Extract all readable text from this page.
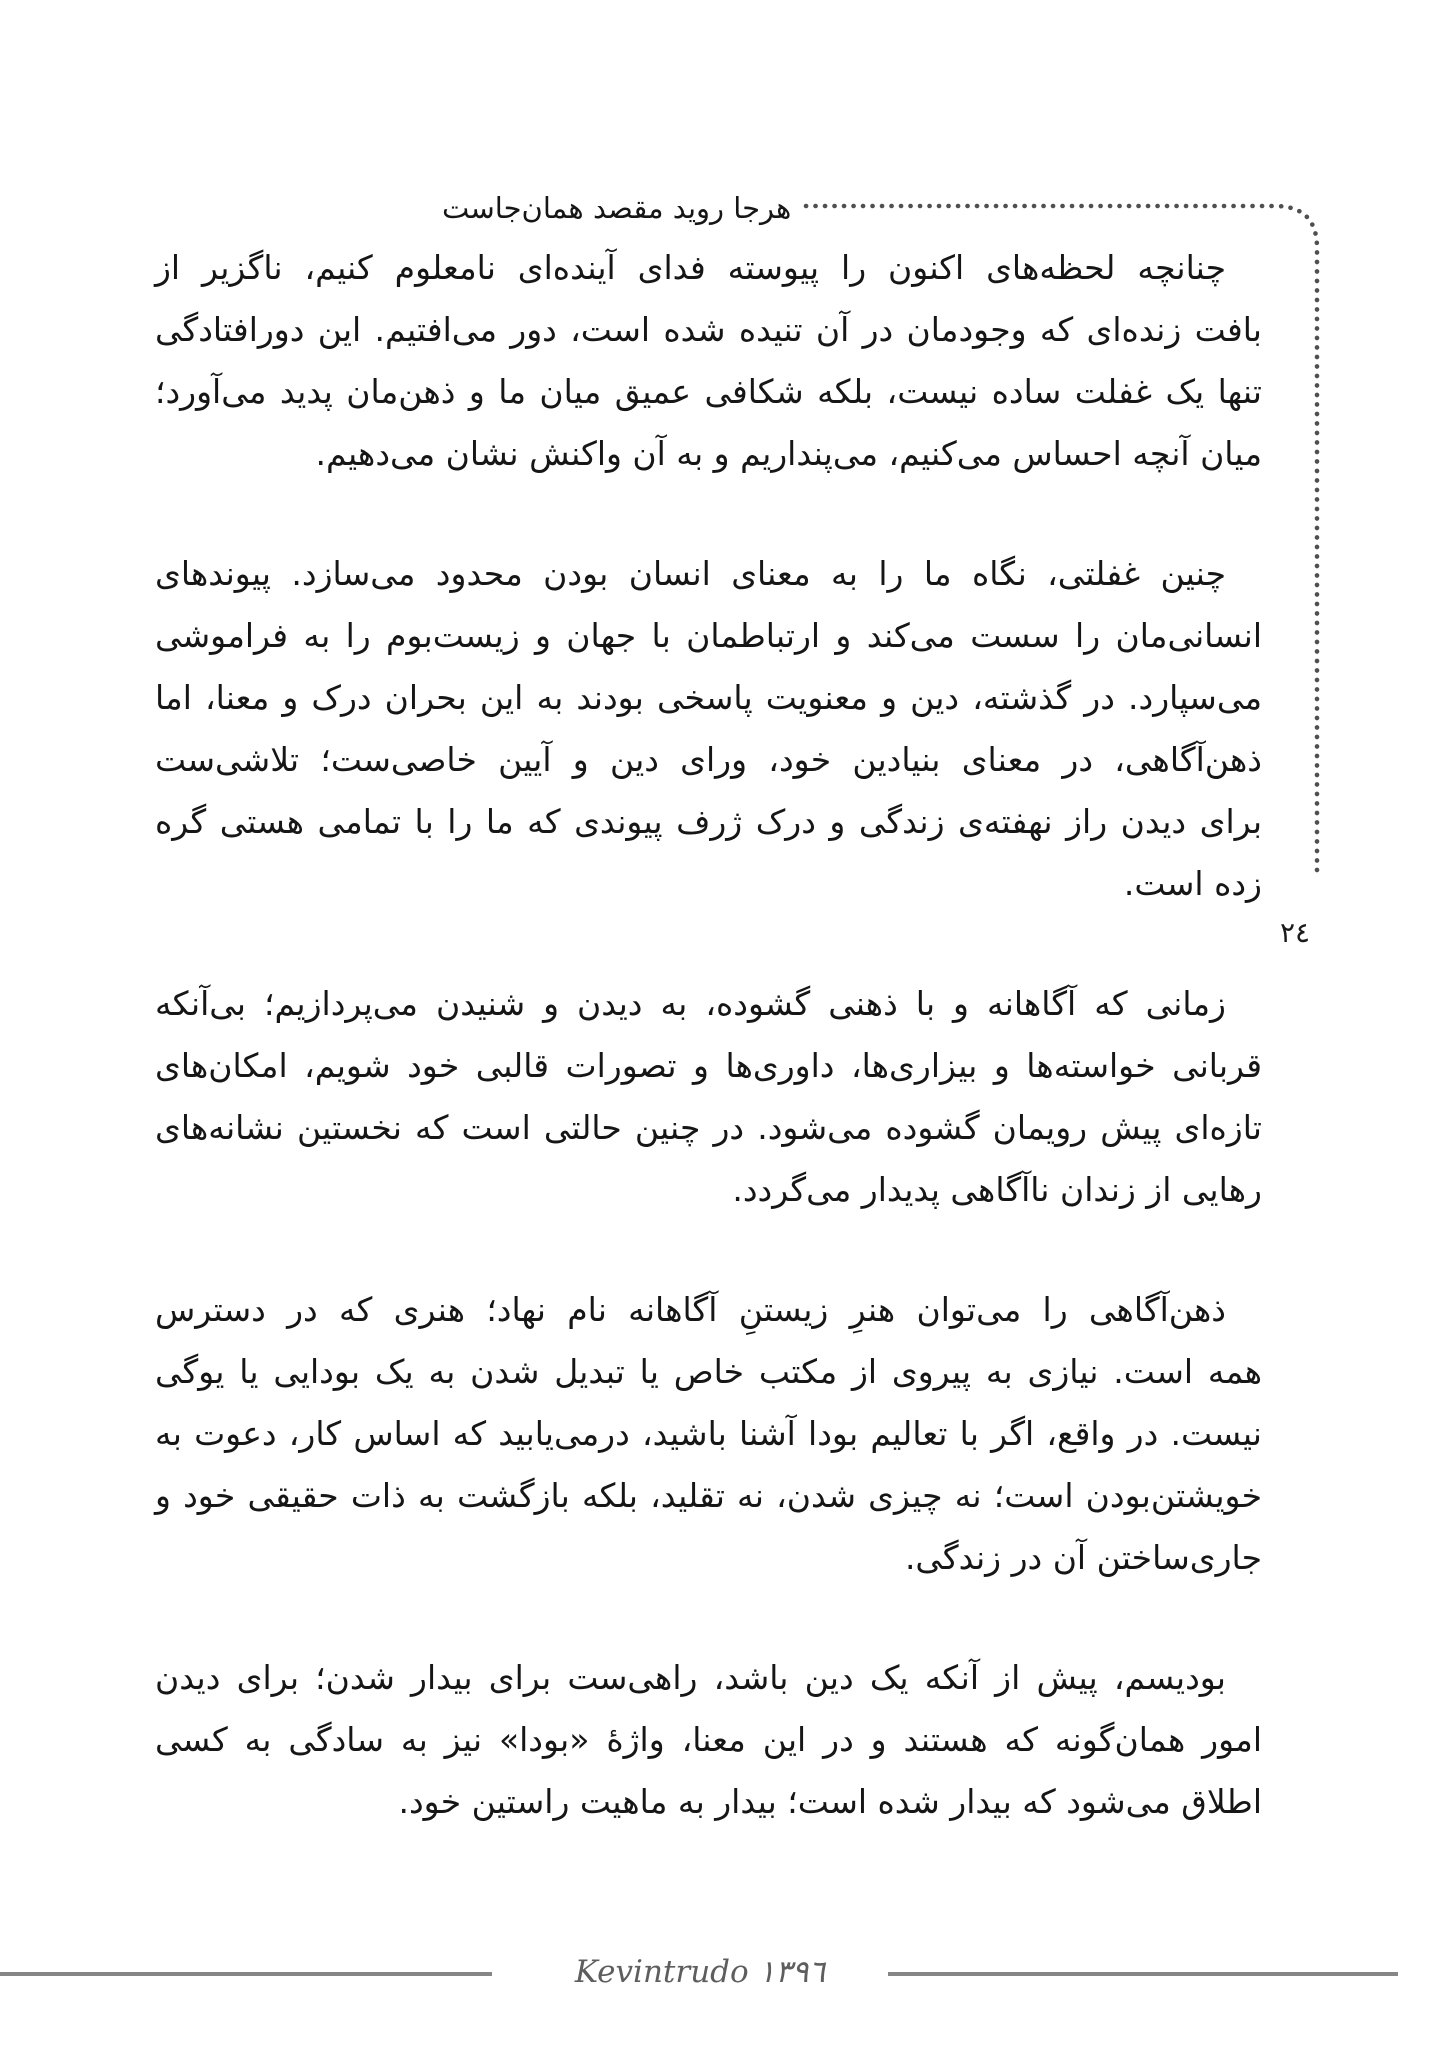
هرجا روید مقصد همان‌جاست
چنانچه لحظه‌های اکنون را پیوسته فدای آینده‌ای نامعلوم کنیم، ناگزیر از
بافت زنده‌ای که وجودمان در آن تنیده شده است، دور می‌افتیم. این دورافتادگی
تنها یک غفلت ساده نیست، بلکه شکافی عمیق میان ما و ذهن‌مان پدید می‌آورد؛
میان آنچه احساس می‌کنیم، می‌پنداریم و به آن واکنش نشان می‌دهیم.
چنین غفلتی، نگاه ما را به معنای انسان بودن محدود می‌سازد. پیوندهای
انسانی‌مان را سست می‌کند و ارتباطمان با جهان و زیست‌بوم را به فراموشی
می‌سپارد. در گذشته، دین و معنویت پاسخی بودند به این بحران درک و معنا، اما
ذهن‌آگاهی، در معنای بنیادین خود، ورای دین و آیین خاصی‌ست؛ تلاشی‌ست
برای دیدن راز نهفته‌ی زندگی و درک ژرف پیوندی که ما را با تمامی هستی گره
زده است.
زمانی که آگاهانه و با ذهنی گشوده، به دیدن و شنیدن می‌پردازیم؛ بی‌آنکه
قربانی خواسته‌ها و بیزاری‌ها، داوری‌ها و تصورات قالبی خود شویم، امکان‌های
تازه‌ای پیش رویمان گشوده می‌شود. در چنین حالتی است که نخستین نشانه‌های
رهایی از زندان ناآگاهی پدیدار می‌گردد.
ذهن‌آگاهی را می‌توان هنرِ زیستنِ آگاهانه نام نهاد؛ هنری که در دسترس
همه است. نیازی به پیروی از مکتب خاص یا تبدیل شدن به یک بودایی یا یوگی
نیست. در واقع، اگر با تعالیم بودا آشنا باشید، درمی‌یابید که اساس کار، دعوت به
خویشتن‌بودن است؛ نه چیزی شدن، نه تقلید، بلکه بازگشت به ذات حقیقی خود و
جاری‌ساختن آن در زندگی.
بودیسم، پیش از آنکه یک دین باشد، راهی‌ست برای بیدار شدن؛ برای دیدن
امور همان‌گونه که هستند و در این معنا، واژهٔ «بودا» نیز به سادگی به کسی
اطلاق می‌شود که بیدار شده است؛ بیدار به ماهیت راستین خود.
۲٤
Kevintrudo ۱۳۹٦
